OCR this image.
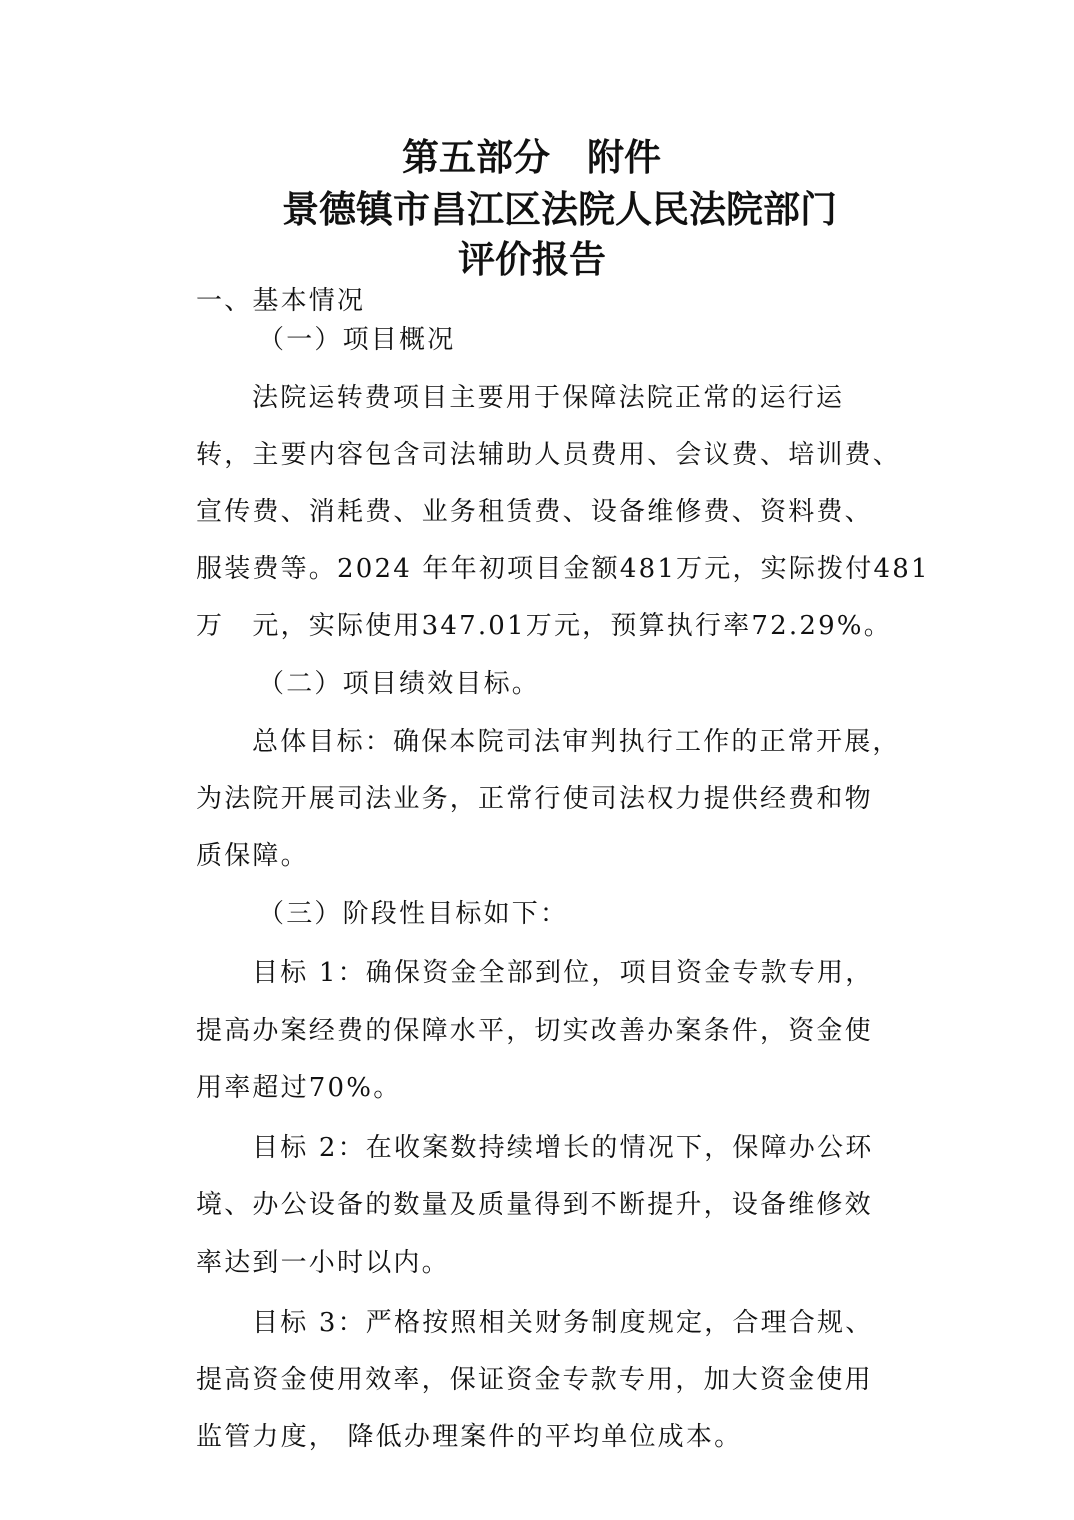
第五部分　附件
景德镇市昌江区法院人民法院部门
评价报告
一、基本情况
（一）项目概况
法院运转费项目主要用于保障法院正常的运行运
转，主要内容包含司法辅助人员费用、会议费、培训费、
宣传费、消耗费、业务租赁费、设备维修费、资料费、
服装费等。2024 年年初项目金额481万元，实际拨付481
万　元，实际使用347.01万元，预算执行率72.29%。
（二）项目绩效目标。
总体目标：确保本院司法审判执行工作的正常开展，
为法院开展司法业务，正常行使司法权力提供经费和物
质保障。
（三）阶段性目标如下：
目标 1：确保资金全部到位，项目资金专款专用，
提高办案经费的保障水平，切实改善办案条件，资金使
用率超过70%。
目标 2：在收案数持续增长的情况下，保障办公环
境、办公设备的数量及质量得到不断提升，设备维修效
率达到一小时以内。
目标 3：严格按照相关财务制度规定，合理合规、
提高资金使用效率，保证资金专款专用，加大资金使用
监管力度， 降低办理案件的平均单位成本。
